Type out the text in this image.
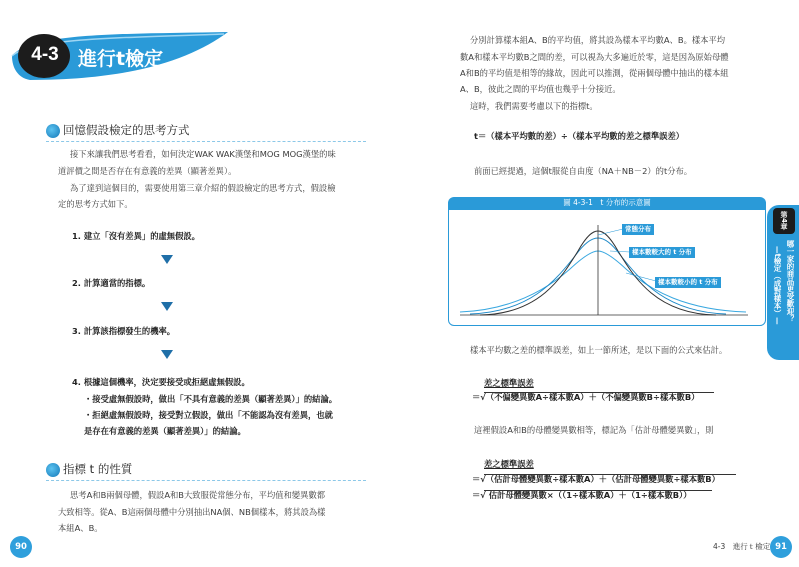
4-3	進行t檢定
回憶假設檢定的思考方式
接下來讓我們思考看看，如何決定WAK WAK漢堡和MOG MOG漢堡的味
道評價之間是否存在有意義的差異（顯著差異）。
為了達到這個目的，需要使用第三章介紹的假設檢定的思考方式，假設檢
定的思考方式如下。
1. 建立「沒有差異」的虛無假設。
2. 計算適當的指標。
3. 計算該指標發生的機率。
4. 根據這個機率，決定要接受或拒絕虛無假設。
・接受虛無假設時，做出「不具有意義的差異（顯著差異）」的結論。
・拒絕虛無假設時，接受對立假設，做出「不能認為沒有差異，也就
是存在有意義的差異（顯著差異）」的結論。
指標 t 的性質
思考A和B兩個母體，假設A和B大致服從常態分布，平均值和變異數都
大致相等。從A、B這兩個母體中分別抽出NA個、NB個樣本，將其設為樣
本組A、B。
90
分別計算樣本組A、B的平均值，將其設為樣本平均數A、B。樣本平均
數A和樣本平均數B之間的差，可以視為大多遍近於零，這是因為原始母體
A和B的平均值是相等的緣故，因此可以推測，從兩個母體中抽出的樣本組
A、B，彼此之間的平均值也幾乎十分接近。
這時，我們需要考慮以下的指標t。
t＝（樣本平均數的差）÷（樣本平均數的差之標準誤差）
前面已經提過，這個t服從自由度（NA＋NB－2）的t分布。
圖 4-3-1　t 分布的示意圖
常態分布
樣本數較大的 t 分布
樣本數較小的 t 分布
樣本平均數之差的標準誤差，如上一節所述，是以下面的公式來估計。
差之標準誤差
＝√（不偏變異數A÷樣本數A）＋（不偏變異數B÷樣本數B）
這裡假設A和B的母體變異數相等，標記為「估計母體變異數」，則
差之標準誤差
＝√（估計母體變異數÷樣本數A）＋（估計母體變異數÷樣本數B）
＝√ 估計母體變異數×（（1÷樣本數A）＋（1÷樣本數B））
第4章
哪一家的商品更受歡迎？
—t檢定（成對樣本）—
4-3　進行ｔ檢定 91
